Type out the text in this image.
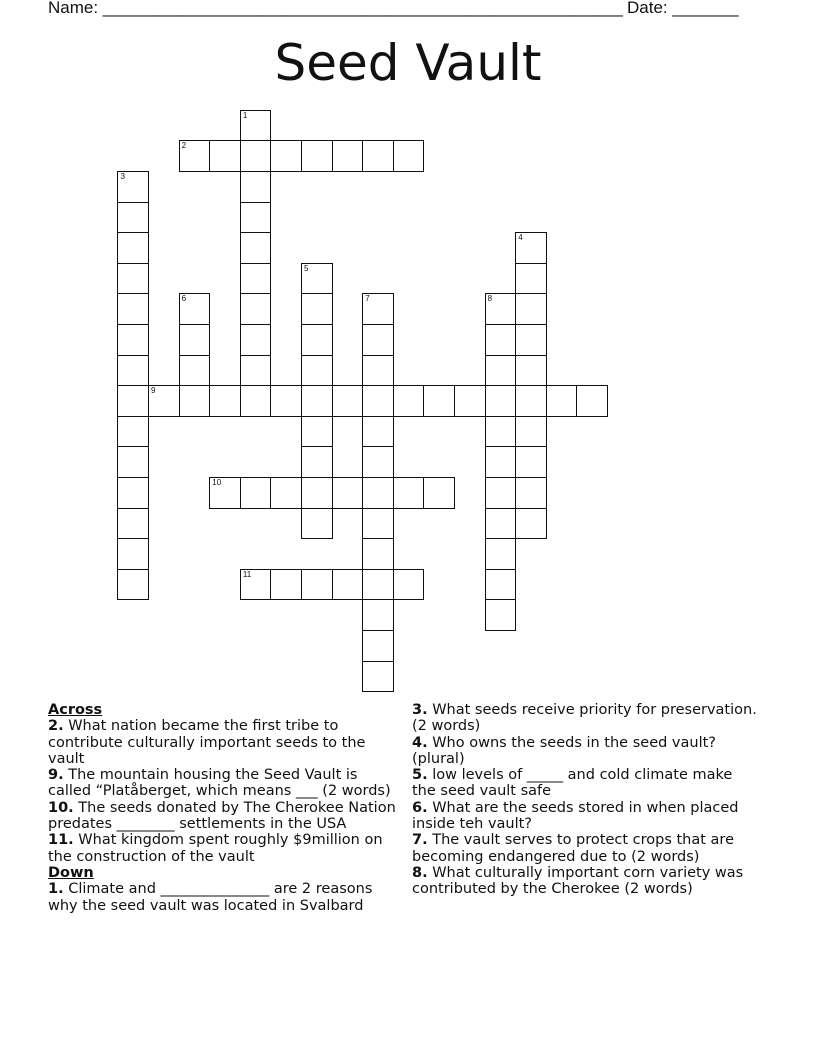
Name: _______________________________________________________ Date: _______
Seed Vault
1
2
3
4
5
6	7	8
9
10
11
Across
2. What nation became the first tribe to contribute culturally important seeds to the vault
9. The mountain housing the Seed Vault is called “Platåberget, which means ___ (2 words)
10. The seeds donated by The Cherokee Nation predates ________ settlements in the USA
11. What kingdom spent roughly $9million on the construction of the vault
Down
1. Climate and _______________ are 2 reasons why the seed vault was located in Svalbard
3. What seeds receive priority for preservation. (2 words)
4. Who owns the seeds in the seed vault? (plural)
5. low levels of _____ and cold climate make the seed vault safe
6. What are the seeds stored in when placed inside teh vault?
7. The vault serves to protect crops that are becoming endangered due to (2 words)
8. What culturally important corn variety was contributed by the Cherokee (2 words)
